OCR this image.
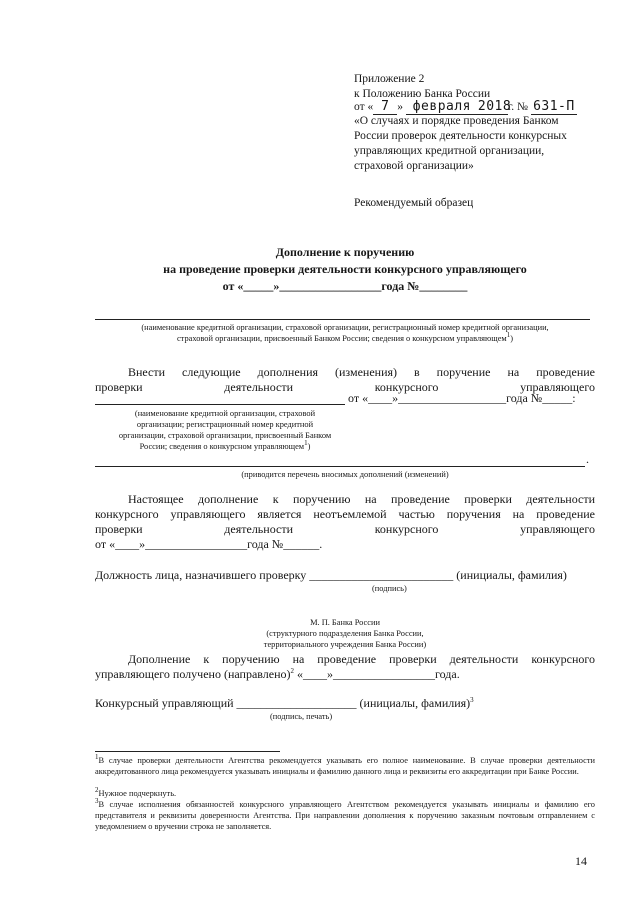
Приложение 2
к Положению Банка России
от « 7 » февраля 2018г. № 631-П
«О случаях и порядке проведения Банком
России проверок деятельности конкурсных
управляющих кредитной организации,
страховой организации»
Рекомендуемый образец
Дополнение к поручению
на проведение проверки деятельности конкурсного управляющего
от «_____»_________________года №________
(наименование кредитной организации, страховой организации, регистрационный номер кредитной организации,
страховой организации, присвоенный Банком России; сведения о конкурсном управляющем$^1$)
Внести следующие дополнения (изменения) в поручение на проведение
проверки деятельности конкурсного управляющего
от «____»__________________года №_____:
(наименование кредитной организации, страховой
организации; регистрационный номер кредитной
организации, страховой организации, присвоенный Банком
России; сведения о конкурсном управляющем$^1$)
.
(приводится перечень вносимых дополнений (изменений)
Настоящее дополнение к поручению на проведение проверки деятельности
конкурсного управляющего является неотъемлемой частью поручения на проведение
проверки деятельности конкурсного управляющего
от «____»_________________года №______.
Должность лица, назначившего проверку ________________________ (инициалы, фамилия)
(подпись)
М. П. Банка России
(структурного подразделения Банка России,
территориального учреждения Банка России)
Дополнение к поручению на проведение проверки деятельности конкурсного
управляющего получено (направлено)$^2$ «____»_________________года.
Конкурсный управляющий ____________________ (инициалы, фамилия)$^3$
(подпись, печать)
$^1$В случае проверки деятельности Агентства рекомендуется указывать его полное наименование. В случае проверки деятельности аккредитованного лица рекомендуется указывать инициалы и фамилию данного лица и реквизиты его аккредитации при Банке России.
$^2$Нужное подчеркнуть.
$^3$В случае исполнения обязанностей конкурсного управляющего Агентством рекомендуется указывать инициалы и фамилию его представителя и реквизиты доверенности Агентства. При направлении дополнения к поручению заказным почтовым отправлением с уведомлением о вручении строка не заполняется.
14
